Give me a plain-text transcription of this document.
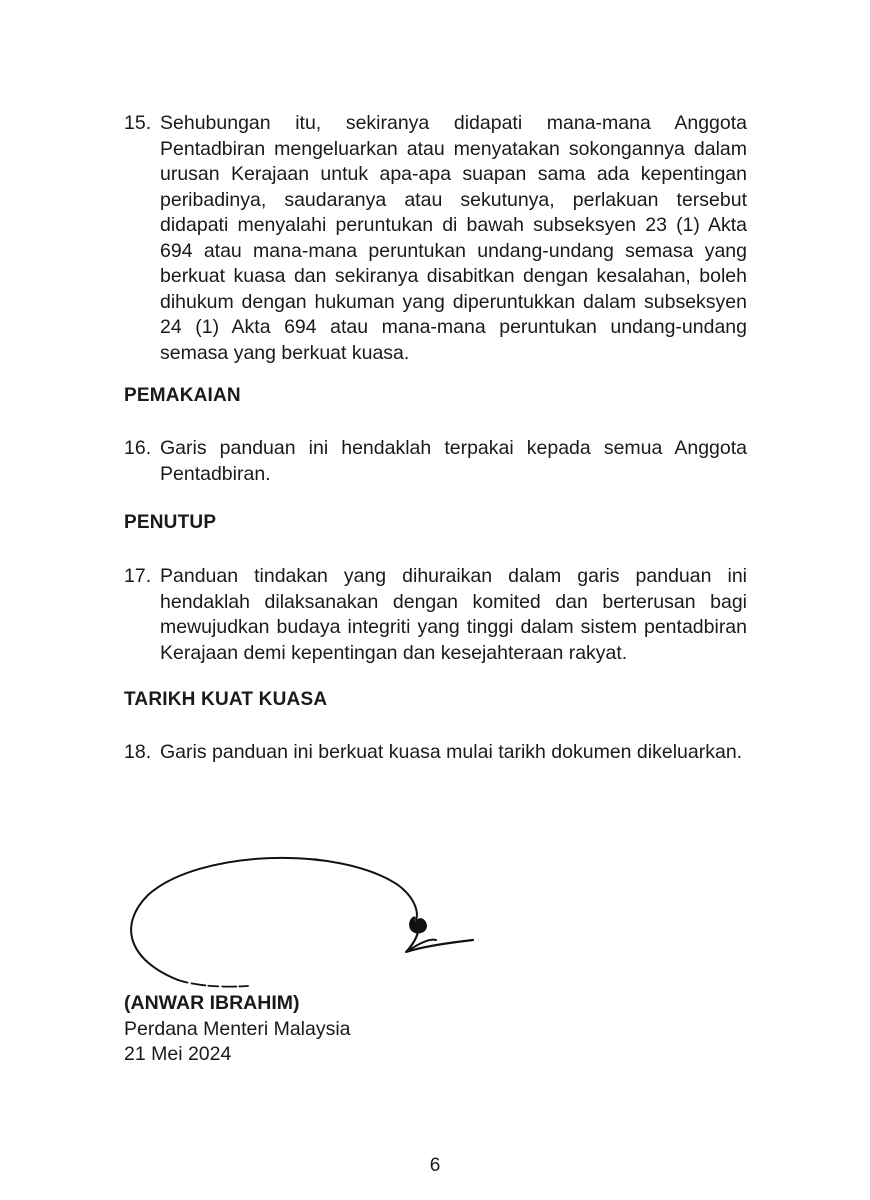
15. Sehubungan itu, sekiranya didapati mana-mana Anggota Pentadbiran mengeluarkan atau menyatakan sokongannya dalam urusan Kerajaan untuk apa-apa suapan sama ada kepentingan peribadinya, saudaranya atau sekutunya, perlakuan tersebut didapati menyalahi peruntukan di bawah subseksyen 23 (1) Akta 694 atau mana-mana peruntukan undang-undang semasa yang berkuat kuasa dan sekiranya disabitkan dengan kesalahan, boleh dihukum dengan hukuman yang diperuntukkan dalam subseksyen 24 (1) Akta 694 atau mana-mana peruntukan undang-undang semasa yang berkuat kuasa.
PEMAKAIAN
16. Garis panduan ini hendaklah terpakai kepada semua Anggota Pentadbiran.
PENUTUP
17. Panduan tindakan yang dihuraikan dalam garis panduan ini hendaklah dilaksanakan dengan komited dan berterusan bagi mewujudkan budaya integriti yang tinggi dalam sistem pentadbiran Kerajaan demi kepentingan dan kesejahteraan rakyat.
TARIKH KUAT KUASA
18. Garis panduan ini berkuat kuasa mulai tarikh dokumen dikeluarkan.
(ANWAR IBRAHIM)
Perdana Menteri Malaysia
21 Mei 2024
6
